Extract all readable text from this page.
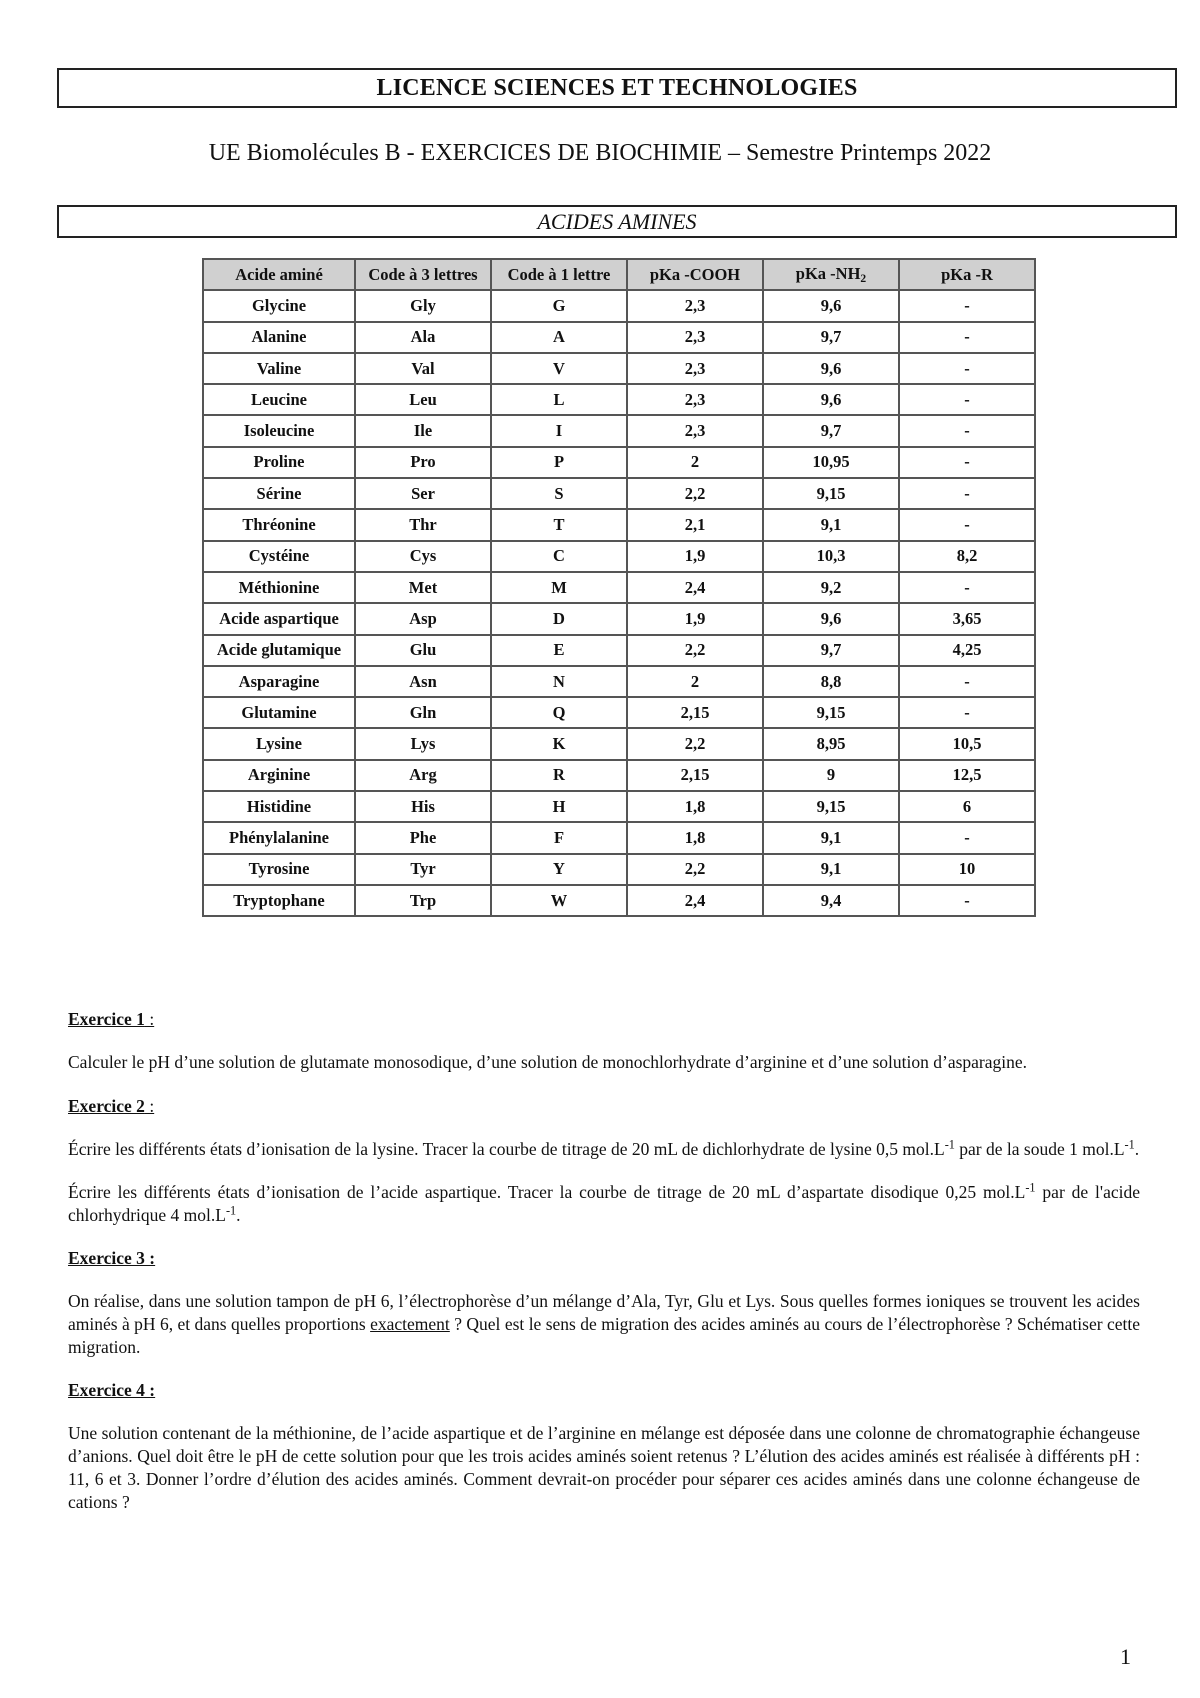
LICENCE SCIENCES ET TECHNOLOGIES
UE Biomolécules B - EXERCICES DE BIOCHIMIE – Semestre Printemps 2022
ACIDES AMINES
Acide aminé	Code à 3 lettres	Code à 1 lettre	pKa -COOH	pKa $-NH_2$	pKa -R
Glycine	Gly	G	2,3	9,6	-
Alanine	Ala	A	2,3	9,7	-
Valine	Val	V	2,3	9,6	-
Leucine	Leu	L	2,3	9,6	-
Isoleucine	Ile	I	2,3	9,7	-
Proline	Pro	P	2	10,95	-
Sérine	Ser	S	2,2	9,15	-
Thréonine	Thr	T	2,1	9,1	-
Cystéine	Cys	C	1,9	10,3	8,2
Méthionine	Met	M	2,4	9,2	-
Acide aspartique	Asp	D	1,9	9,6	3,65
Acide glutamique	Glu	E	2,2	9,7	4,25
Asparagine	Asn	N	2	8,8	-
Glutamine	Gln	Q	2,15	9,15	-
Lysine	Lys	K	2,2	8,95	10,5
Arginine	Arg	R	2,15	9	12,5
Histidine	His	H	1,8	9,15	6
Phénylalanine	Phe	F	1,8	9,1	-
Tyrosine	Tyr	Y	2,2	9,1	10
Tryptophane	Trp	W	2,4	9,4	-

Exercice 1 :

Calculer le pH d’une solution de glutamate monosodique, d’une solution de monochlorhydrate d’arginine et d’une solution d’asparagine.

Exercice 2 :

Écrire les différents états d’ionisation de la lysine. Tracer la courbe de titrage de 20 mL de dichlorhydrate de lysine 0,5 $mol.L^{-1}$ par de la soude 1 $mol.L^{-1}$.

Écrire les différents états d’ionisation de l’acide aspartique. Tracer la courbe de titrage de 20 mL d’aspartate disodique 0,25 $mol.L^{-1}$ par de l'acide chlorhydrique 4 $mol.L^{-1}$.

Exercice 3 :

On réalise, dans une solution tampon de pH 6, l’électrophorèse d’un mélange d’Ala, Tyr, Glu et Lys. Sous quelles formes ioniques se trouvent les acides aminés à pH 6, et dans quelles proportions exactement ? Quel est le sens de migration des acides aminés au cours de l’électrophorèse ? Schématiser cette migration.

Exercice 4 :

Une solution contenant de la méthionine, de l’acide aspartique et de l’arginine en mélange est déposée dans une colonne de chromatographie échangeuse d’anions. Quel doit être le pH de cette solution pour que les trois acides aminés soient retenus ? L’élution des acides aminés est réalisée à différents pH : 11, 6 et 3. Donner l’ordre d’élution des acides aminés. Comment devrait-on procéder pour séparer ces acides aminés dans une colonne échangeuse de cations ?

1
